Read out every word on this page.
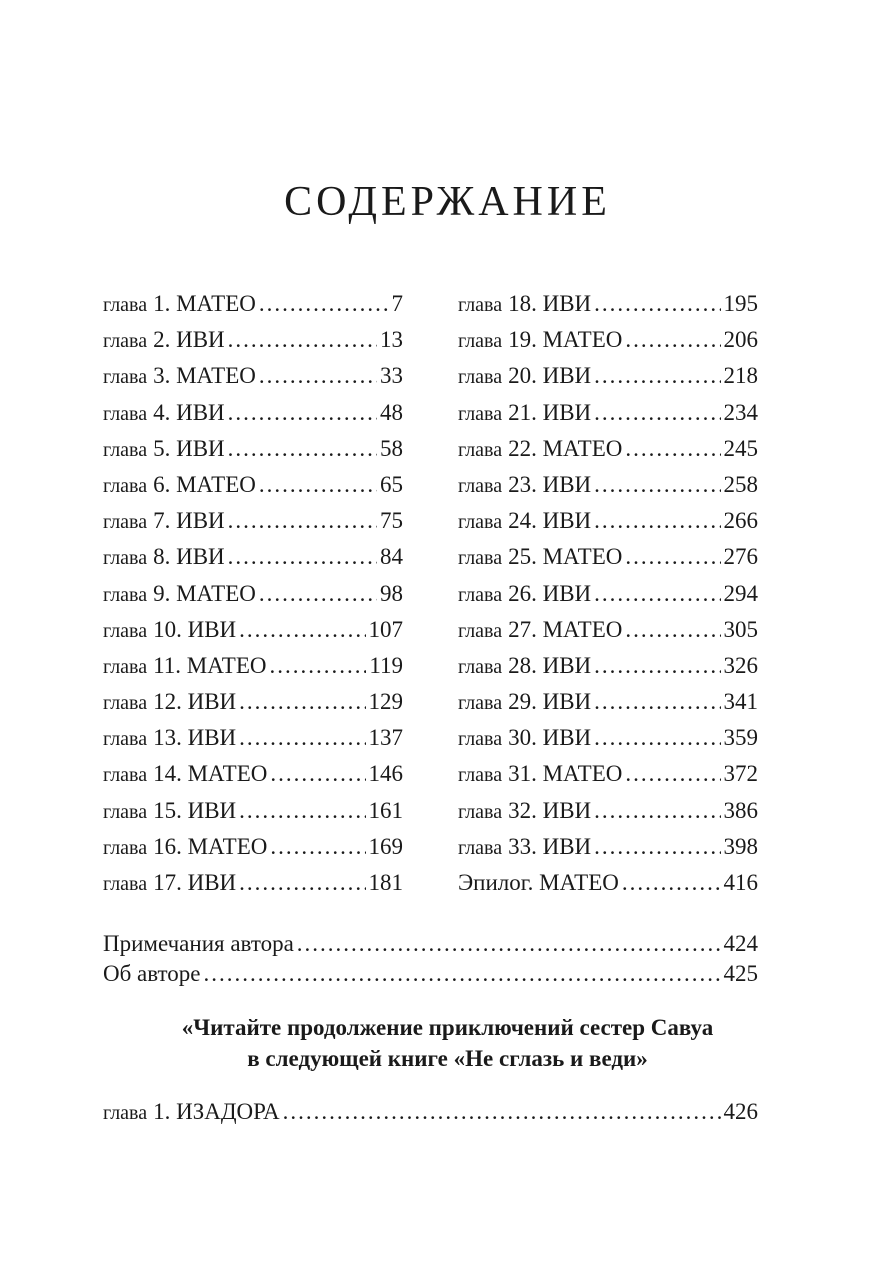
СОДЕРЖАНИЕ
глава 1. МАТЕО .....	7
глава 2. ИВИ .....	13
глава 3. МАТЕО .....	33
глава 4. ИВИ .....	48
глава 5. ИВИ .....	58
глава 6. МАТЕО .....	65
глава 7. ИВИ .....	75
глава 8. ИВИ .....	84
глава 9. МАТЕО .....	98
глава 10. ИВИ .....	107
глава 11. МАТЕО .....	119
глава 12. ИВИ .....	129
глава 13. ИВИ .....	137
глава 14. МАТЕО .....	146
глава 15. ИВИ .....	161
глава 16. МАТЕО .....	169
глава 17. ИВИ .....	181
глава 18. ИВИ .....	195
глава 19. МАТЕО .....	206
глава 20. ИВИ .....	218
глава 21. ИВИ .....	234
глава 22. МАТЕО .....	245
глава 23. ИВИ .....	258
глава 24. ИВИ .....	266
глава 25. МАТЕО .....	276
глава 26. ИВИ .....	294
глава 27. МАТЕО .....	305
глава 28. ИВИ .....	326
глава 29. ИВИ .....	341
глава 30. ИВИ .....	359
глава 31. МАТЕО .....	372
глава 32. ИВИ .....	386
глава 33. ИВИ .....	398
Эпилог. МАТЕО .....	416
Примечания автора .....	424
Об авторе .....	425
«Читайте продолжение приключений сестер Савуа
в следующей книге «Не сглазь и веди»
глава 1. ИЗАДОРА .....	426
